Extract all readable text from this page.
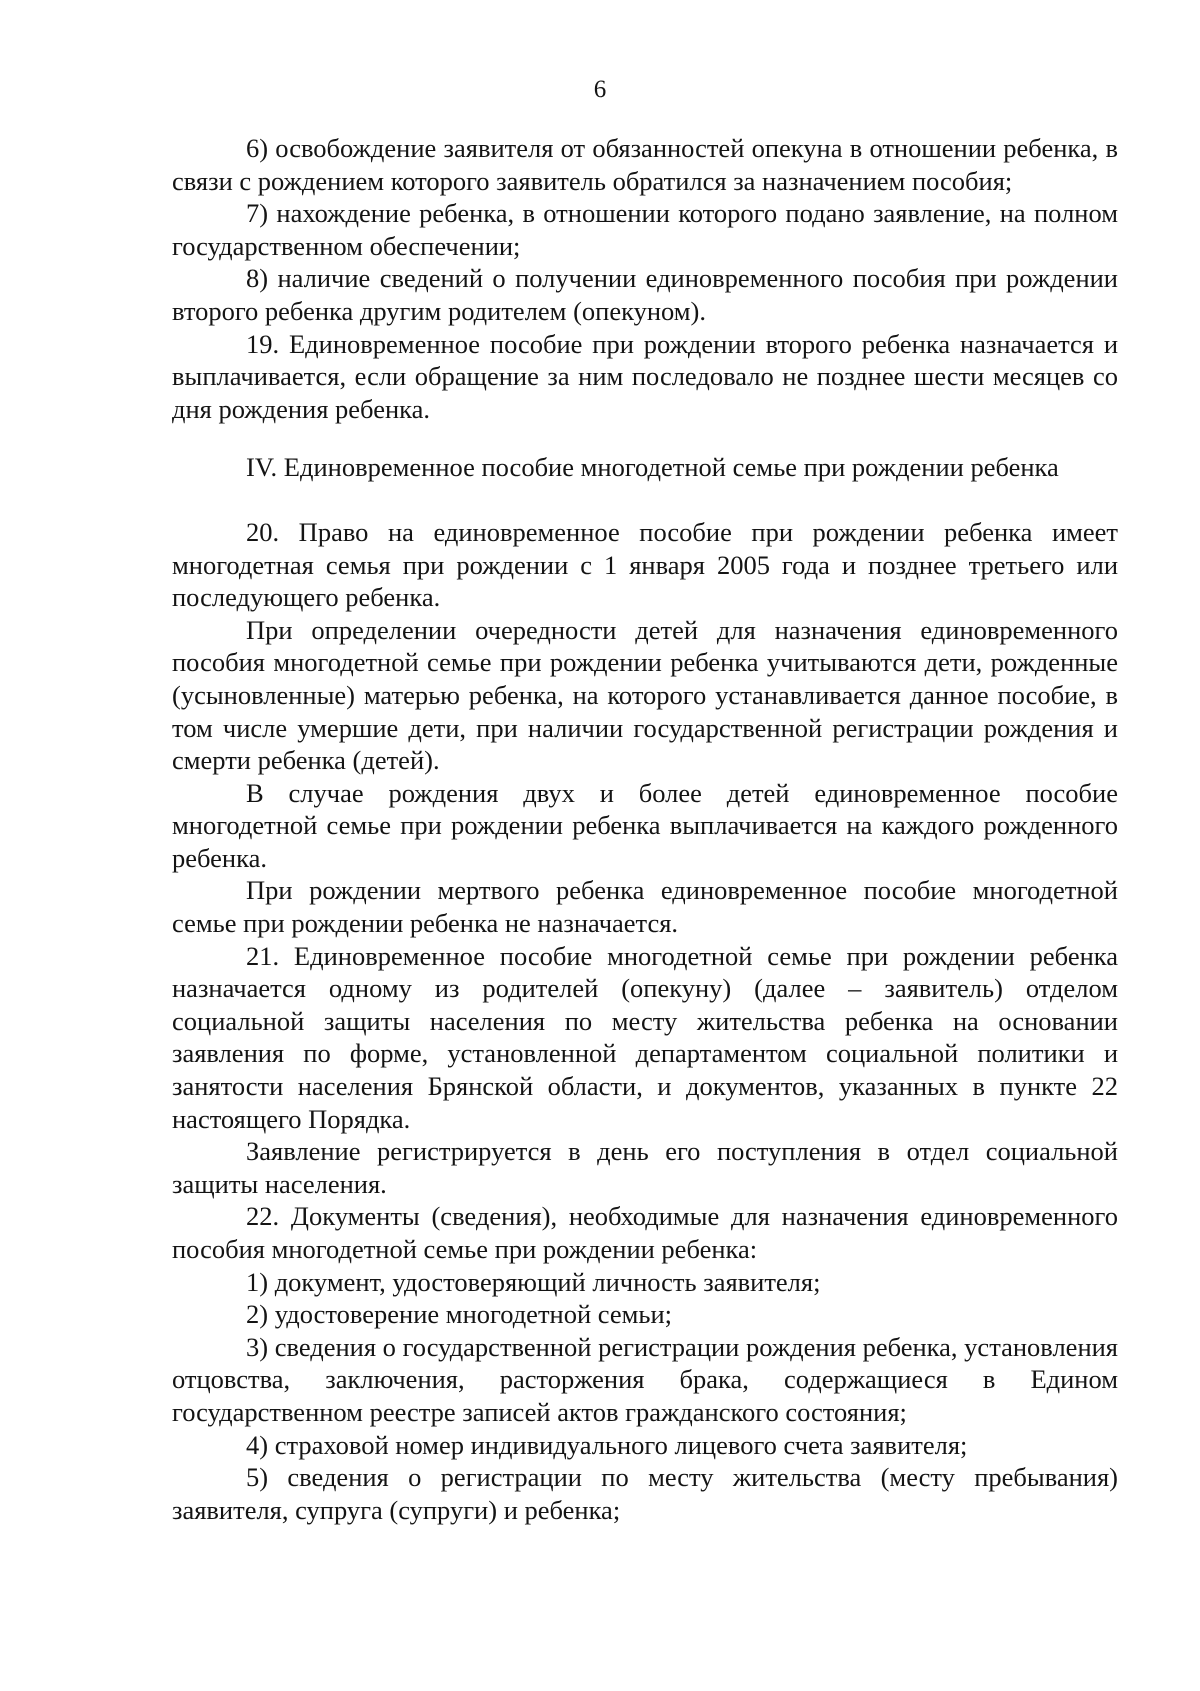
6

6) освобождение заявителя от обязанностей опекуна в отношении ребенка, в связи с рождением которого заявитель обратился за назначением пособия;

7) нахождение ребенка, в отношении которого подано заявление, на полном государственном обеспечении;

8) наличие сведений о получении единовременного пособия при рождении второго ребенка другим родителем (опекуном).

19. Единовременное пособие при рождении второго ребенка назначается и выплачивается, если обращение за ним последовало не позднее шести месяцев со дня рождения ребенка.

IV. Единовременное пособие многодетной семье при рождении ребенка

20. Право на единовременное пособие при рождении ребенка имеет многодетная семья при рождении с 1 января 2005 года и позднее третьего или последующего ребенка.

При определении очередности детей для назначения единовременного пособия многодетной семье при рождении ребенка учитываются дети, рожденные (усыновленные) матерью ребенка, на которого устанавливается данное пособие, в том числе умершие дети, при наличии государственной регистрации рождения и смерти ребенка (детей).

В случае рождения двух и более детей единовременное пособие многодетной семье при рождении ребенка выплачивается на каждого рожденного ребенка.

При рождении мертвого ребенка единовременное пособие многодетной семье при рождении ребенка не назначается.

21. Единовременное пособие многодетной семье при рождении ребенка назначается одному из родителей (опекуну) (далее – заявитель) отделом социальной защиты населения по месту жительства ребенка на основании заявления по форме, установленной департаментом социальной политики и занятости населения Брянской области, и документов, указанных в пункте 22 настоящего Порядка.

Заявление регистрируется в день его поступления в отдел социальной защиты населения.

22. Документы (сведения), необходимые для назначения единовременного пособия многодетной семье при рождении ребенка:

1) документ, удостоверяющий личность заявителя;

2) удостоверение многодетной семьи;

3) сведения о государственной регистрации рождения ребенка, установления отцовства, заключения, расторжения брака, содержащиеся в Едином государственном реестре записей актов гражданского состояния;

4) страховой номер индивидуального лицевого счета заявителя;

5) сведения о регистрации по месту жительства (месту пребывания) заявителя, супруга (супруги) и ребенка;
